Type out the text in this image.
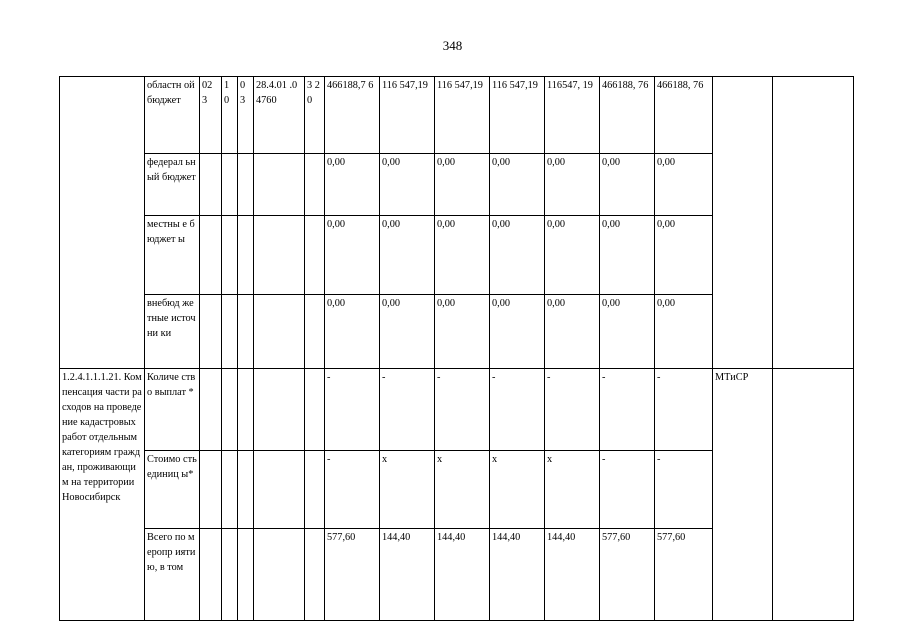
348
	областн ой бюджет	02 3	1 0	0 3	28.4.01 .04760	3 2 0	466188,7 6	116 547,19	116 547,19	116 547,19	116547, 19	466188, 76	466188, 76		
	федерал ьный бюджет						0,00	0,00	0,00	0,00	0,00	0,00	0,00		
	местны е бюджет ы						0,00	0,00	0,00	0,00	0,00	0,00	0,00		
	внебюд жетные источни ки						0,00	0,00	0,00	0,00	0,00	0,00	0,00		
1.2.4.1.1.1.21. Компенсация части расходов на проведение кадастровых работ отдельным категориям граждан, проживающи м на территории Новосибирск	Количе ство выплат *						-	-	-	-	-	-	-	МТиСР	
	Стоимо сть единиц ы*						-	x	x	x	x	-	-		
	Всего по меропр иятию, в том						577,60	144,40	144,40	144,40	144,40	577,60	577,60		
